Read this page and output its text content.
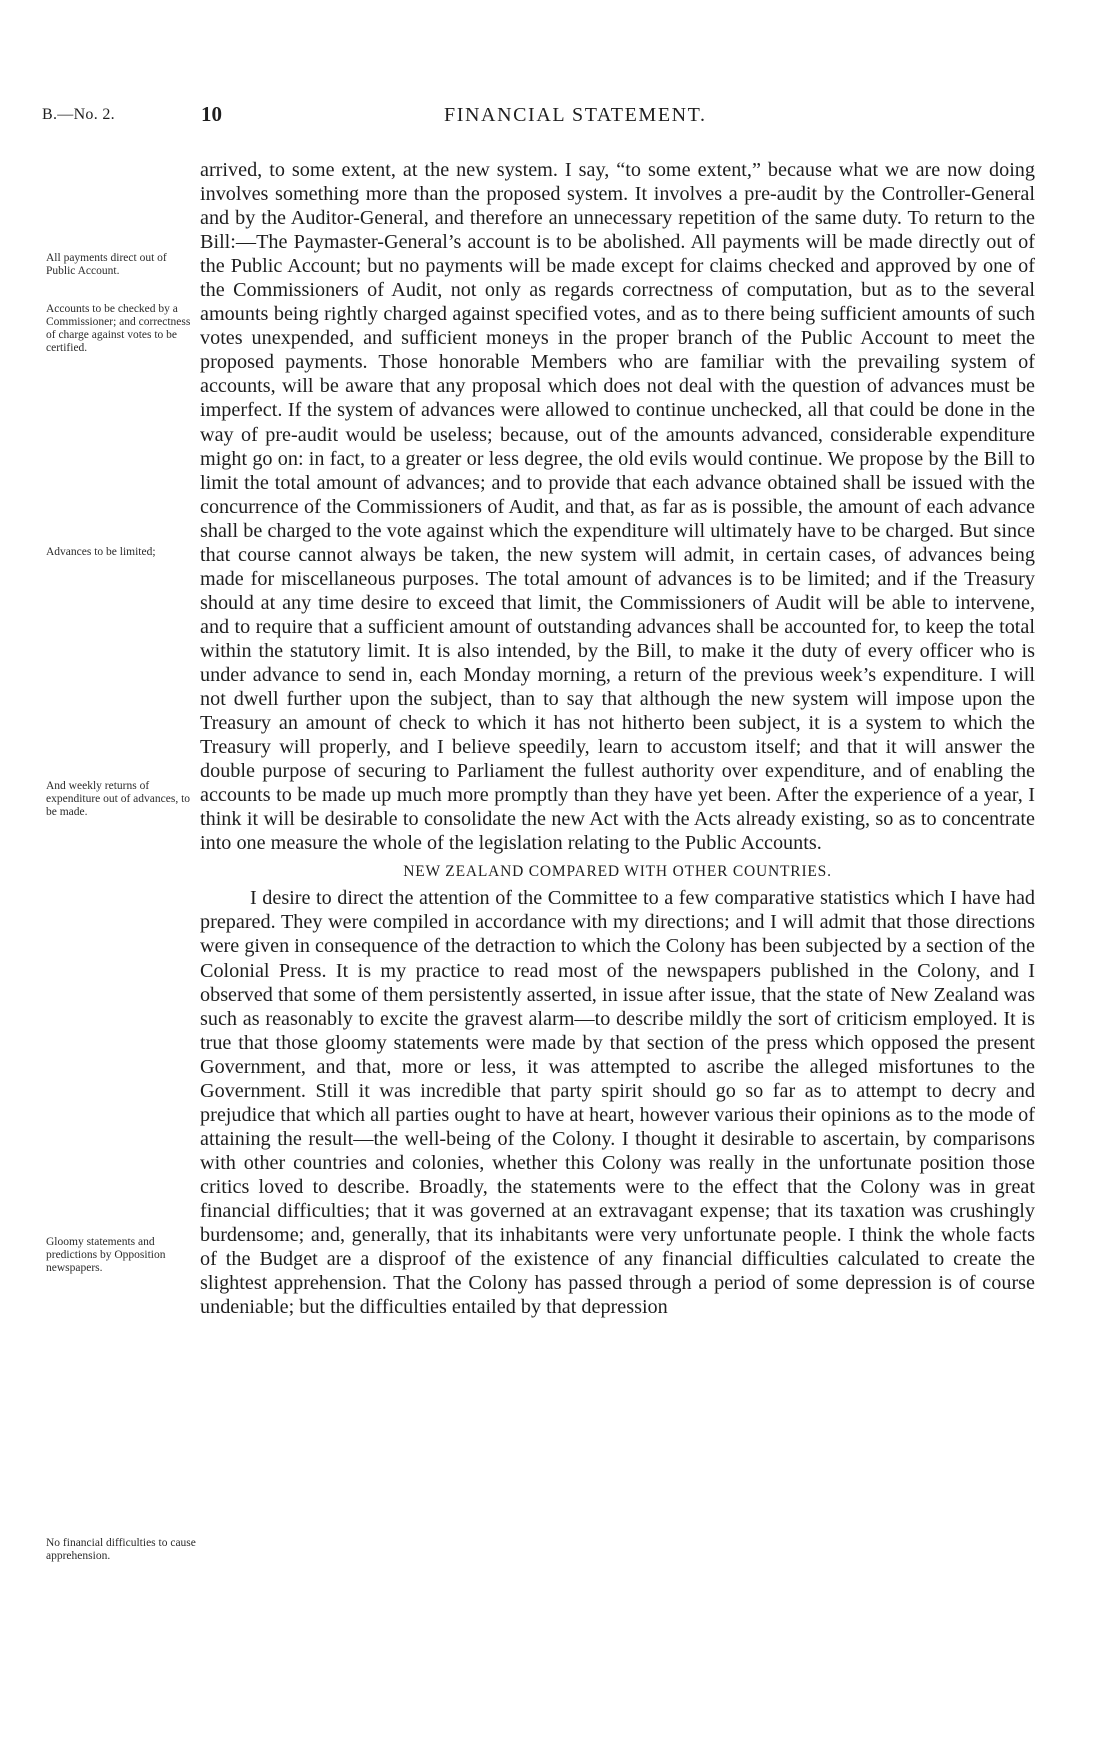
B.—No. 2.	10	FINANCIAL STATEMENT.
All payments direct out of Public Account.
Accounts to be checked by a Commissioner; and correctness of charge against votes to be certified.
Advances to be limited;
And weekly returns of expenditure out of advances, to be made.
Gloomy statements and predictions by Opposition newspapers.
No financial difficulties to cause apprehension.

arrived, to some extent, at the new system. I say, “to some extent,” because what we are now doing involves something more than the proposed system. It involves a pre-audit by the Controller-General and by the Auditor-General, and therefore an unnecessary repetition of the same duty. To return to the Bill:—The Paymaster-General’s account is to be abolished. All payments will be made directly out of the Public Account; but no payments will be made except for claims checked and approved by one of the Commissioners of Audit, not only as regards correctness of computation, but as to the several amounts being rightly charged against specified votes, and as to there being sufficient amounts of such votes unexpended, and sufficient moneys in the proper branch of the Public Account to meet the proposed payments. Those honorable Members who are familiar with the prevailing system of accounts, will be aware that any proposal which does not deal with the question of advances must be imperfect. If the system of advances were allowed to continue unchecked, all that could be done in the way of pre-audit would be useless; because, out of the amounts advanced, considerable expenditure might go on: in fact, to a greater or less degree, the old evils would continue. We propose by the Bill to limit the total amount of advances; and to provide that each advance obtained shall be issued with the concurrence of the Commissioners of Audit, and that, as far as is possible, the amount of each advance shall be charged to the vote against which the expenditure will ultimately have to be charged. But since that course cannot always be taken, the new system will admit, in certain cases, of advances being made for miscellaneous purposes. The total amount of advances is to be limited; and if the Treasury should at any time desire to exceed that limit, the Commissioners of Audit will be able to intervene, and to require that a sufficient amount of outstanding advances shall be accounted for, to keep the total within the statutory limit. It is also intended, by the Bill, to make it the duty of every officer who is under advance to send in, each Monday morning, a return of the previous week’s expenditure. I will not dwell further upon the subject, than to say that although the new system will impose upon the Treasury an amount of check to which it has not hitherto been subject, it is a system to which the Treasury will properly, and I believe speedily, learn to accustom itself; and that it will answer the double purpose of securing to Parliament the fullest authority over expenditure, and of enabling the accounts to be made up much more promptly than they have yet been. After the experience of a year, I think it will be desirable to consolidate the new Act with the Acts already existing, so as to concentrate into one measure the whole of the legislation relating to the Public Accounts.

NEW ZEALAND COMPARED WITH OTHER COUNTRIES.

I desire to direct the attention of the Committee to a few comparative statistics which I have had prepared. They were compiled in accordance with my directions; and I will admit that those directions were given in consequence of the detraction to which the Colony has been subjected by a section of the Colonial Press. It is my practice to read most of the newspapers published in the Colony, and I observed that some of them persistently asserted, in issue after issue, that the state of New Zealand was such as reasonably to excite the gravest alarm—to describe mildly the sort of criticism employed. It is true that those gloomy statements were made by that section of the press which opposed the present Government, and that, more or less, it was attempted to ascribe the alleged misfortunes to the Government. Still it was incredible that party spirit should go so far as to attempt to decry and prejudice that which all parties ought to have at heart, however various their opinions as to the mode of attaining the result—the well-being of the Colony. I thought it desirable to ascertain, by comparisons with other countries and colonies, whether this Colony was really in the unfortunate position those critics loved to describe. Broadly, the statements were to the effect that the Colony was in great financial difficulties; that it was governed at an extravagant expense; that its taxation was crushingly burdensome; and, generally, that its inhabitants were very unfortunate people. I think the whole facts of the Budget are a disproof of the existence of any financial difficulties calculated to create the slightest apprehension. That the Colony has passed through a period of some depression is of course undeniable; but the difficulties entailed by that depression
